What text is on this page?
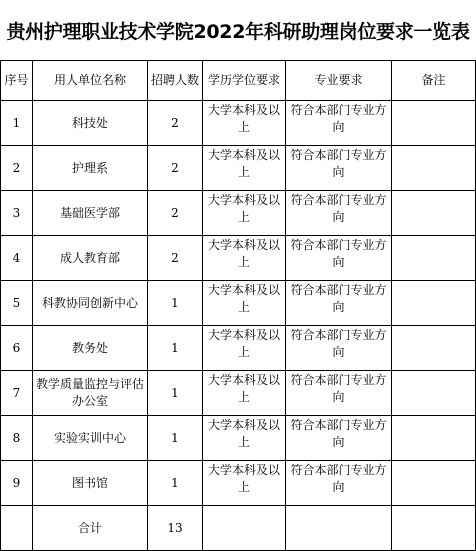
贵州护理职业技术学院2022年科研助理岗位要求一览表
序号	用人单位名称	招聘人数	学历学位要求	专业要求	备注
1	科技处	2	大学本科及以上	符合本部门专业方向	
2	护理系	2	大学本科及以上	符合本部门专业方向	
3	基础医学部	2	大学本科及以上	符合本部门专业方向	
4	成人教育部	2	大学本科及以上	符合本部门专业方向	
5	科教协同创新中心	1	大学本科及以上	符合本部门专业方向	
6	教务处	1	大学本科及以上	符合本部门专业方向	
7	教学质量监控与评估办公室	1	大学本科及以上	符合本部门专业方向	
8	实验实训中心	1	大学本科及以上	符合本部门专业方向	
9	图书馆	1	大学本科及以上	符合本部门专业方向	
	合计	13			
